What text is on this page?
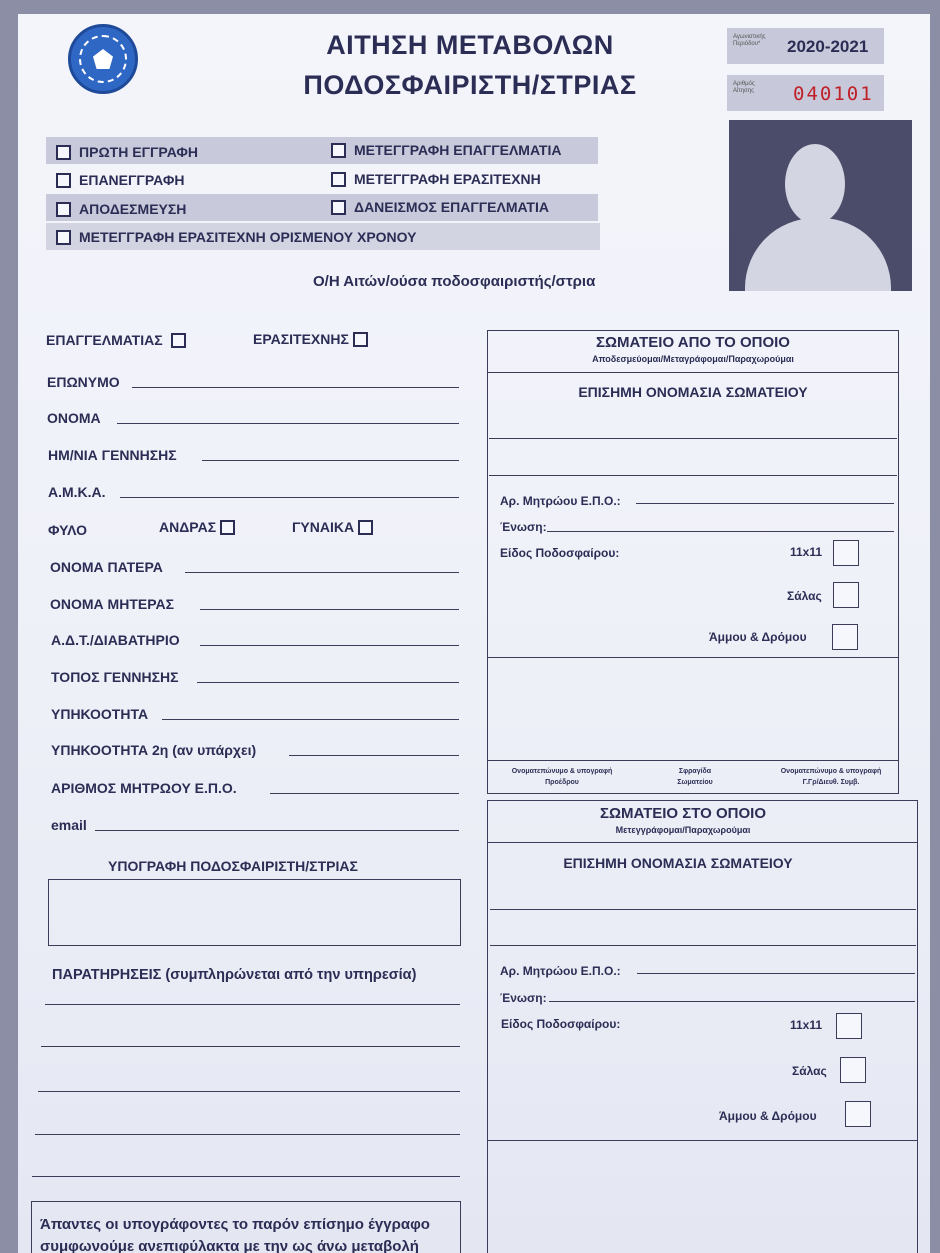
ΑΙΤΗΣΗ ΜΕΤΑΒΟΛΩΝ
ΠΟΔΟΣΦΑΙΡΙΣΤΗ/ΣΤΡΙΑΣ
Αγωνιστικής Περιόδου*	2020-2021
Αριθμός Αίτησης	040101
ΠΡΩΤΗ ΕΓΓΡΑΦΗ	ΜΕΤΕΓΓΡΑΦΗ ΕΠΑΓΓΕΛΜΑΤΙΑ
ΕΠΑΝΕΓΓΡΑΦΗ	ΜΕΤΕΓΓΡΑΦΗ ΕΡΑΣΙΤΕΧΝΗ
ΑΠΟΔΕΣΜΕΥΣΗ	ΔΑΝΕΙΣΜΟΣ ΕΠΑΓΓΕΛΜΑΤΙΑ
ΜΕΤΕΓΓΡΑΦΗ ΕΡΑΣΙΤΕΧΝΗ ΟΡΙΣΜΕΝΟΥ ΧΡΟΝΟΥ
Ο/Η Αιτών/ούσα ποδοσφαιριστής/στρια
ΕΠΑΓΓΕΛΜΑΤΙΑΣ	ΕΡΑΣΙΤΕΧΝΗΣ
ΕΠΩΝΥΜΟ
ΟΝΟΜΑ
ΗΜ/ΝΙΑ ΓΕΝΝΗΣΗΣ
Α.Μ.Κ.Α.
ΦΥΛΟ	ΑΝΔΡΑΣ	ΓΥΝΑΙΚΑ
ΟΝΟΜΑ ΠΑΤΕΡΑ
ΟΝΟΜΑ ΜΗΤΕΡΑΣ
Α.Δ.Τ./ΔΙΑΒΑΤΗΡΙΟ
ΤΟΠΟΣ ΓΕΝΝΗΣΗΣ
ΥΠΗΚΟΟΤΗΤΑ
ΥΠΗΚΟΟΤΗΤΑ 2η (αν υπάρχει)
ΑΡΙΘΜΟΣ ΜΗΤΡΩΟΥ Ε.Π.Ο.
email
ΥΠΟΓΡΑΦΗ ΠΟΔΟΣΦΑΙΡΙΣΤΗ/ΣΤΡΙΑΣ
ΠΑΡΑΤΗΡΗΣΕΙΣ (συμπληρώνεται από την υπηρεσία)
Άπαντες οι υπογράφοντες το παρόν επίσημο έγγραφο
συμφωνούμε ανεπιφύλακτα με την ως άνω μεταβολή
ΣΩΜΑΤΕΙΟ ΑΠΟ ΤΟ ΟΠΟΙΟ
Αποδεσμεύομαι/Μεταγράφομαι/Παραχωρούμαι
ΕΠΙΣΗΜΗ ΟΝΟΜΑΣΙΑ ΣΩΜΑΤΕΙΟΥ
Αρ. Μητρώου Ε.Π.Ο.:
Ένωση:
Είδος Ποδοσφαίρου:	11x11
Σάλας
Άμμου & Δρόμου
Ονοματεπώνυμο & υπογραφή
Προέδρου
Σφραγίδα
Σωματείου
Ονοματεπώνυμο & υπογραφή
Γ.Γρ/Διευθ. Συμβ.
ΣΩΜΑΤΕΙΟ ΣΤΟ ΟΠΟΙΟ
Μετεγγράφομαι/Παραχωρούμαι
ΕΠΙΣΗΜΗ ΟΝΟΜΑΣΙΑ ΣΩΜΑΤΕΙΟΥ
Αρ. Μητρώου Ε.Π.Ο.:
Ένωση:
Είδος Ποδοσφαίρου:	11x11
Σάλας
Άμμου & Δρόμου
